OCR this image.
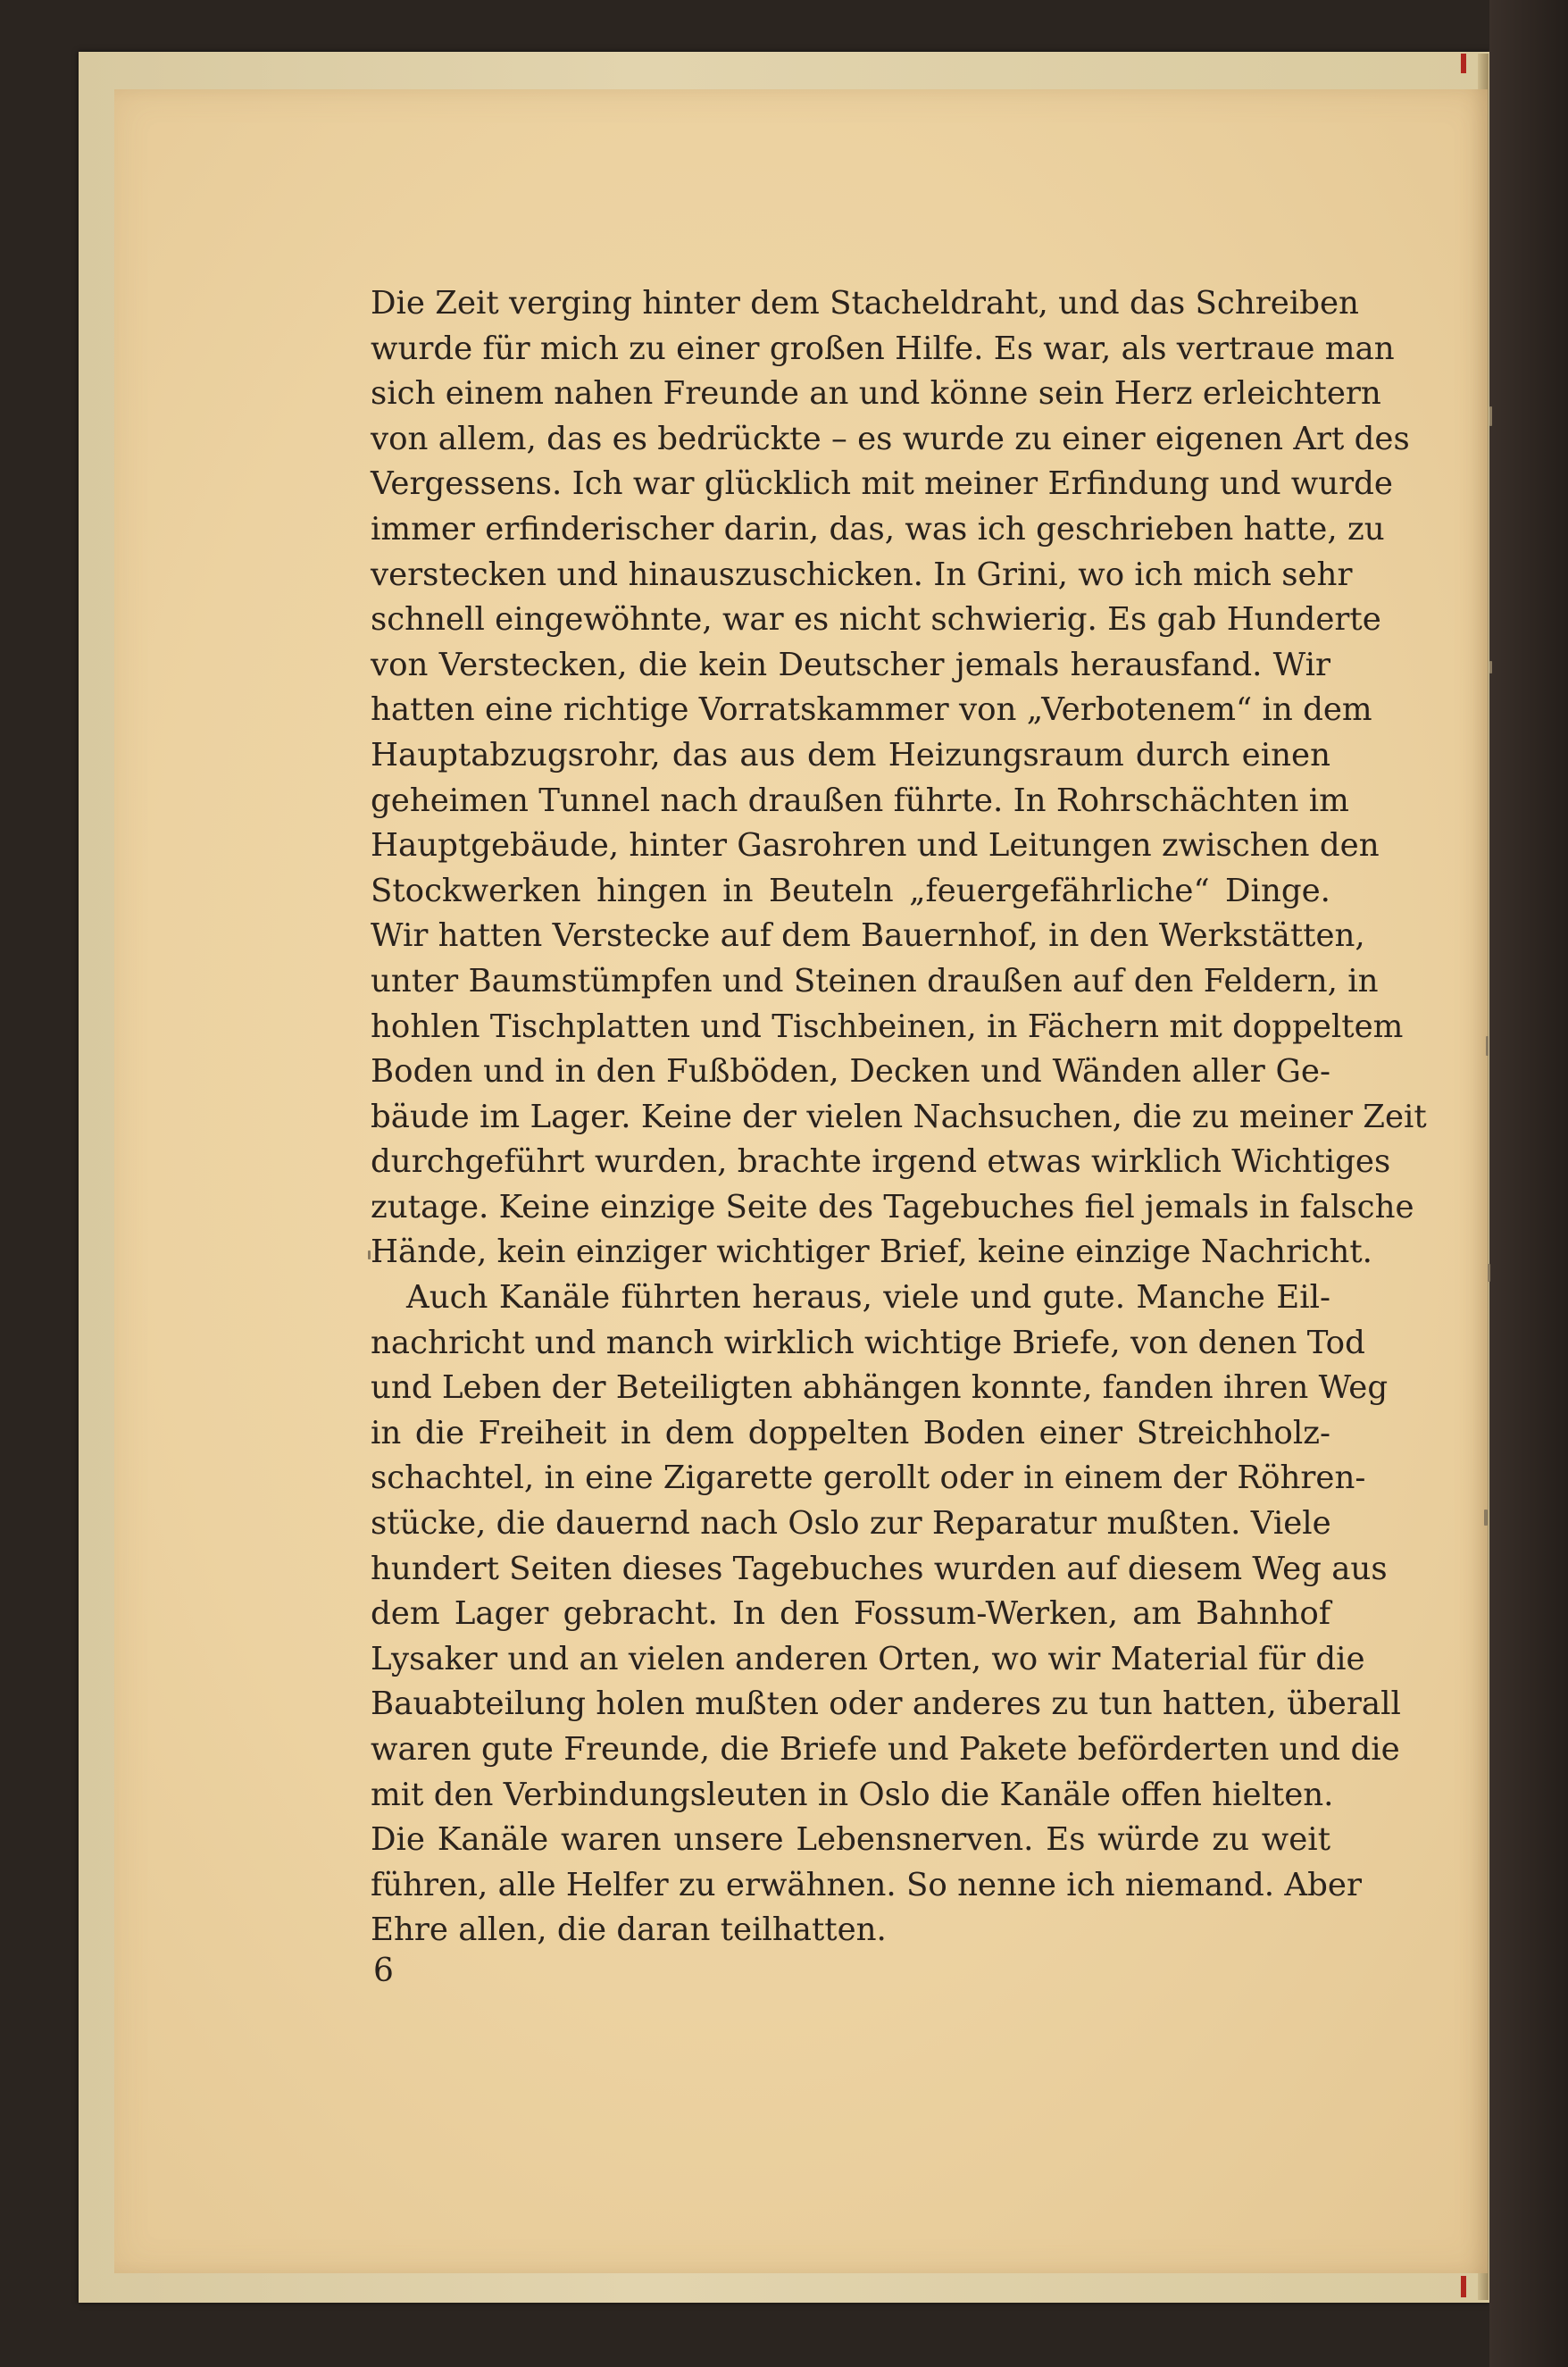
Die Zeit verging hinter dem Stacheldraht, und das Schreiben
wurde für mich zu einer großen Hilfe. Es war, als vertraue man
sich einem nahen Freunde an und könne sein Herz erleichtern
von allem, das es bedrückte – es wurde zu einer eigenen Art des
Vergessens. Ich war glücklich mit meiner Erfindung und wurde
immer erfinderischer darin, das, was ich geschrieben hatte, zu
verstecken und hinauszuschicken. In Grini, wo ich mich sehr
schnell eingewöhnte, war es nicht schwierig. Es gab Hunderte
von Verstecken, die kein Deutscher jemals herausfand. Wir
hatten eine richtige Vorratskammer von „Verbotenem“ in dem
Hauptabzugsrohr, das aus dem Heizungsraum durch einen
geheimen Tunnel nach draußen führte. In Rohrschächten im
Hauptgebäude, hinter Gasrohren und Leitungen zwischen den
Stockwerken hingen in Beuteln „feuergefährliche“ Dinge.
Wir hatten Verstecke auf dem Bauernhof, in den Werkstätten,
unter Baumstümpfen und Steinen draußen auf den Feldern, in
hohlen Tischplatten und Tischbeinen, in Fächern mit doppeltem
Boden und in den Fußböden, Decken und Wänden aller Ge-
bäude im Lager. Keine der vielen Nachsuchen, die zu meiner Zeit
durchgeführt wurden, brachte irgend etwas wirklich Wichtiges
zutage. Keine einzige Seite des Tagebuches fiel jemals in falsche
Hände, kein einziger wichtiger Brief, keine einzige Nachricht.
Auch Kanäle führten heraus, viele und gute. Manche Eil-
nachricht und manch wirklich wichtige Briefe, von denen Tod
und Leben der Beteiligten abhängen konnte, fanden ihren Weg
in die Freiheit in dem doppelten Boden einer Streichholz-
schachtel, in eine Zigarette gerollt oder in einem der Röhren-
stücke, die dauernd nach Oslo zur Reparatur mußten. Viele
hundert Seiten dieses Tagebuches wurden auf diesem Weg aus
dem Lager gebracht. In den Fossum-Werken, am Bahnhof
Lysaker und an vielen anderen Orten, wo wir Material für die
Bauabteilung holen mußten oder anderes zu tun hatten, überall
waren gute Freunde, die Briefe und Pakete beförderten und die
mit den Verbindungsleuten in Oslo die Kanäle offen hielten.
Die Kanäle waren unsere Lebensnerven. Es würde zu weit
führen, alle Helfer zu erwähnen. So nenne ich niemand. Aber
Ehre allen, die daran teilhatten.
6
